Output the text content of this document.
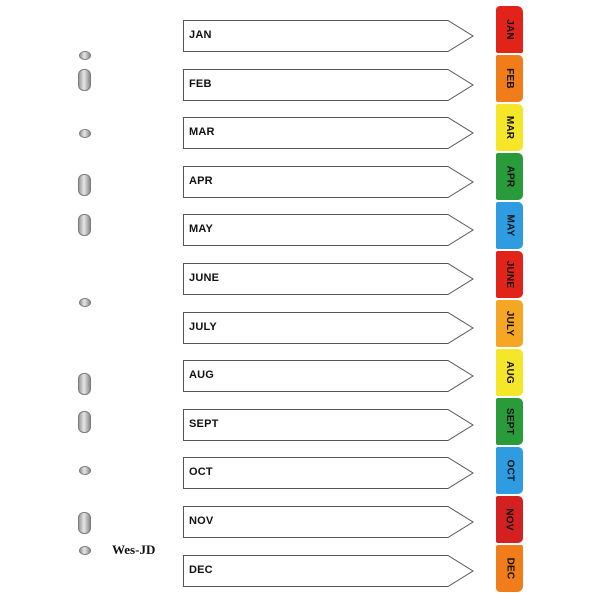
Wes-JD
JAN
FEB
MAR
APR
MAY
JUNE
JULY
AUG
SEPT
OCT
NOV
DEC
JAN
FEB
MAR
APR
MAY
JUNE
JULY
AUG
SEPT
OCT
NOV
DEC
